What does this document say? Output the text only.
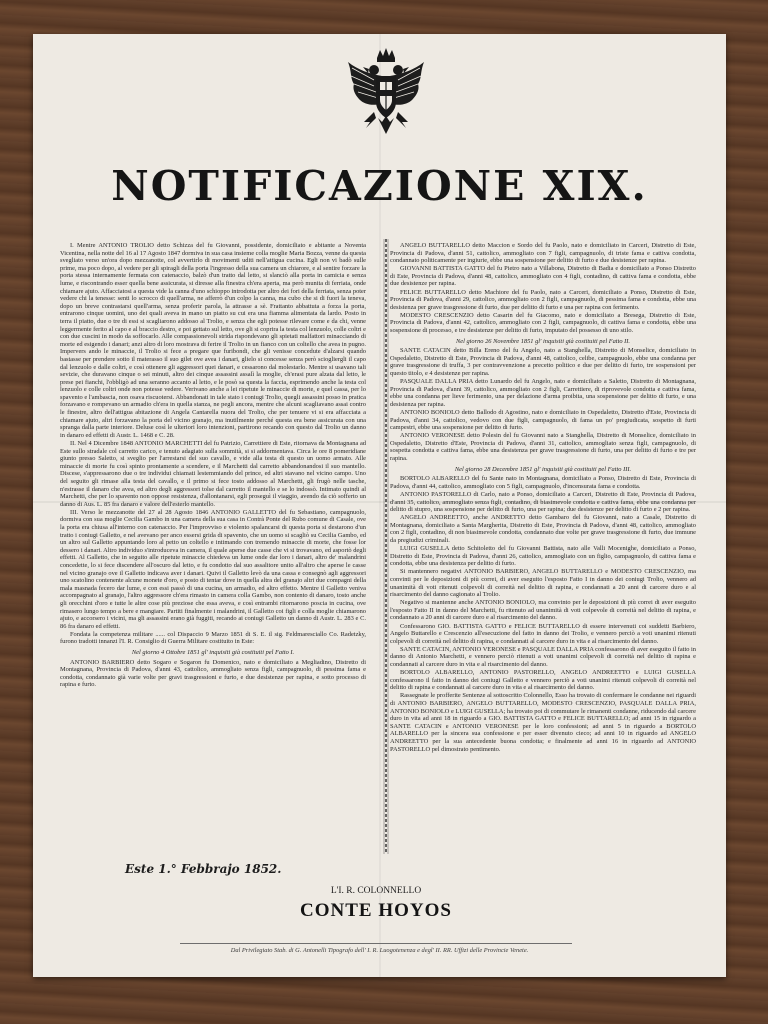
NOTIFICAZIONE XIX.

I. Mentre ANTONIO TROLIO detto Schizza del fu Giovanni, possidente, domiciliato e abitante a Noventa Vicentina, nella notte del 16 al 17 Agosto 1847 dormiva in sua casa insieme colla moglie Maria Bozza, venne da questa svegliato verso un'ora dopo mezzanotte, col avvertirlo di movimenti uditi nell'attigua cucina. Egli non vi badò sulle prime, ma poco dopo, al vedere per gli spiragli della porta l'ingresso della sua camera un chiarore, e al sentire forzare la porta stessa internamente fermata con catenaccio, balzò d'un tratto dal letto, si slanciò alla porta in camicia e senza lume, e riscontrando esser quella bene assicurata, si diresse alla finestra ch'era aperta, ma però munita di ferriata, onde chiamare ajuto. Affacciatosi a questa vide la canna d'uno schioppo introdotta per altro dei fori della ferriata, senza poter vedere chi la tenesse: senti lo scrocco di quell'arma, ne afferrò d'un colpo la canna, ma cubo che si di fuori la teneva, dopo un breve contrastarsi quell'arma, senza proferir parola, la attrasse a sè. Frattanto abbattuta a forza la porta, entrarono cinque uomini, uno dei quali aveva in mano un piatto su cui era una fiamma alimentata da lardo. Posto in terra il piatto, due o tre di essi si scagliarono addosso al Trolio, e senza che egli potesse rilevare come e da chi, venne leggermente ferito al capo e al braccio destro, e poi gettato sul letto, ove gli si coprira la testa col lenzuolo, colle coltri e con due cuscini in modo da soffocarlo. Alle compassionevoli strida rispondevano gli spietati malfattori minacciando di morte ed esigendo i danari; anzi altro di loro mostrava di ferire il Trolio in un fianco con un coltello che avea in pugno. Impervers ando le minaccie, il Trolio si fece a pregare que furibondi, che gli venisse concedute d'alzarsi quando bastasse per prendere sotto il materasso il suo gilet ove avea i danari, glielo si concesse senza però sciogliergli il capo dal lenzuolo e dalle coltri, e così ottenere gli aggressori quei danari, e cessarono dal molestarlo. Mentre si usavano tali sevizie, che duravano cinque o sei minuti, altro dei cinque assassini assalì la moglie, ch'erasi pure alzata dal letto, le prese pei fianchi, l'obbligò ad una seranno accanto al letto, e le posò sa questa la faccia, esprimendo anche la testa col lenzuolo e colle coltri onde non potesse vedere. Verivano anche a lei ripetute le minaccie di morte, e quel cassa, per lo spavento e l'ambascia, non osava riscuotersi. Abbandonati in tale stato i coniugi Trolio, quegli assassini posso in pratica forzavano e rompevano un armadio ch'era in quella stanza, ne pegli ancora, mentre che alcuni scagliavano assai contro le finestre, altro dell'attigua abitazione di Angela Cantarella nuora del Trolio, che per tenuere vi si era affacciata a chiamare ajuto, altri forzavano la porta del vicino granajo, ma inutilmente perché questa era bene assicurata con una spranga dalla parte interiore. Deluse così le ulteriori loro intenzioni, partirono recando con questo dal Trolio un danno in danaro ed effetti di Austr. L. 1468 e C. 28.

II. Nel 4 Dicembre 1848 ANTONIO MARCHETTI del fu Patrizio, Carrettiere di Este, ritornava da Montagnana ad Este sullo stradale col carretto carico, e tenuto adagiato sulla sommità, si si addormentava. Circa le ore 8 pomeridiane giunto presso Saletto, si sveglio per l'arrestarsi del suo cavallo, e vide alla testa di questo un uomo armato. Alle minaccie di morte fu così spinto prontamente a scendere, e il Marchetti dal carretto abbandonandosi il suo mantello. Discese, s'appressarono due o tre individui chiamati lestemmiando del prince, ed altri stavano nel vicino campo. Uno del seguito gli rimase alla testa del cavallo, e il primo si fece tosto addosso al Marchetti, gli frugò nelle tasche, n'estrasse il danaro che avea, ed altro degli aggressori tolse dal carretto il mantello e se lo indossò. Intimato quindi al Marchetti, che per lo spavento non oppose resistenza, d'allontanarsi, egli proseguì il viaggio, avendo da ciò sofferto un danno di Aus. L. 85 fra danaro e valore dell'esterlo mantello.

III. Verso le mezzanotte del 27 al 28 Agosto 1846 ANTONIO GALLETTO del fu Sebastiano, campagnuolo, dormiva con sua moglie Cecilia Gambo in una camera della sua casa in Contrà Ponte del Rubo comune di Casale, ove la porta era chiusa all'interno con catenaccio. Per l'improvviso e violento spalancarsi di questa porta si destarono d'un tratto i coniugi Galletto, e nel avevano per anco essersi grida di spavento, che un uomo si scagliò su Cecilia Gambo, ed un altro sul Galletto appuntando loro al petto un coltello e intimando con tremendo minaccie di morte, che fosse lor dessero i danari. Altro individuo s'introduceva in camera, il quale aperse due casse che vi si trovavano, ed asportò degli effetti. Al Galletto, che in seguito alle ripetute minaccie chiedeva un lume onde dar loro i danari, altro de' malandrini concedette, lo si fece discendere all'oscuro dal letto, e fu condotto dal suo assalitore unito all'altro che aperse le casse nel vicino granajo ove il Galletto indicava aver i danari. Quivi il Galletto levò da una cassa e consegnò agli aggressori uno scatolino contenente alcune monete d'oro, e posto di tentar dove in quella altra del granajo altri due compagni della mala masnada fecero dar lume, e con essi passò di una cucina, un armadio, ed altro effetto. Mentre il Galletto veniva accompagnato al granajo, l'altro aggressore ch'era rimasto in camera colla Gambo, non contento di danaro, tosto anche gli orecchini d'oro e tutte le altre cose più preziose che essa aveva, e così entrambi ritornarono poscia in cucina, ove rimasero lungo tempo a bere e mangiare. Partiti finalmente i malandrini, il Galletto coi figli e colla moglie chiamarono ajuto, e accorsero i vicini, ma gli assassini erano già fuggiti, recando ai coniugi Galletto un danno di Austr. L. 283 e C. 86 fra danaro ed effetti.

Fondata la competenza militare ...... col Dispaccio 9 Marzo 1851 di S. E. il sig. Feldmaresciallo Co. Radetzky, furono tradotti innanzi l'I. R. Consiglio di Guerra Militare costituito in Este:

Nel giorno 4 Ottobre 1851 gl' inquisiti già costituiti pel Fatto I.

ANTONIO BARBIERO detto Sogaro e Sogaron fu Domenico, nato e domiciliato a Megliadino, Distretto di Montagnana, Provincia di Padova, d'anni 43, cattolico, ammogliato senza figli, campagnuolo, di pessima fama e condotta, condannato già varie volte per gravi trasgressioni e furto, e due desistenze per rapina, e sotto processo di rapina e furto.

ANGELO BUTTARELLO detto Maccion e Sordo del fu Paolo, nato e domiciliato in Carceri, Distretto di Este, Provincia di Padova, d'anni 51, cattolico, ammogliato con 7 figli, campagnuolo, di triste fama e cattiva condotta, condannato politicamente per ingiurie, ebbe una sospensione per delitto di furto e due desistenze per rapina.

GIOVANNI BATTISTA GATTO del fu Pietro nato a Villabona, Distretto di Badia e domiciliato a Ponso Distretto di Este, Provincia di Padova, d'anni 48, cattolico, ammogliato con 4 figli, contadino, di cattiva fama e condotta, ebbe due desistenze per rapina.

FELICE BUTTARELLO detto Machiore del fu Paolo, nato a Carceri, domiciliato a Ponso, Distretto di Este, Provincia di Padova, d'anni 29, cattolico, ammogliato con 2 figli, campagnuolo, di pessima fama e condotta, ebbe una desistenza per grave trasgressione di furto, due per delitto di furto e una per rapina con ferimento.

MODESTO CRESCENZIO detto Casarin del fu Giacomo, nato e domiciliato a Bresega, Distretto di Este, Provincia di Padova, d'anni 42, cattolico, ammogliato con 2 figli, campagnuolo, di cattiva fama e condotta, ebbe una sospensione di processo, e tre desistenze per delitto di furto, imputato del possesso di uno stilo.

Nel giorno 26 Novembre 1851 gl' inquisiti già costituiti pel Fatto II.

SANTE CATACIN detto Billa Ereno del fu Angelo, nato a Stanghella, Distretto di Monselice, domiciliato in Ospedaletto, Distretto di Este, Provincia di Padova, d'anni 48, cattolico, celibe, campagnuolo, ebbe una condanna per grave trasgressione di truffa, 3 per contravvenzione a precetto politico e due per delitto di furto, tre sospensioni per questo titolo, e 4 desistenze per rapina.

PASQUALE DALLA PRIA detto Lunardo del fu Angelo, nato e domiciliato a Saletto, Distretto di Montagnana, Provincia di Padova, d'anni 39, cattolico, ammogliato con 2 figli, Carrettiere, di riprovevole condotta e cattiva fama, ebbe una condanna per lieve ferimento, una per delazione d'arma proibita, una sospensione per delitto di furto, e una desistenza per rapina.

ANTONIO BONIOLO detto Ballodo di Agostino, nato e domiciliato in Ospedaletto, Distretto d'Este, Provincia di Padova, d'anni 34, cattolico, vedovo con due figli, campagnuolo, di fama un po' pregiudicata, sospetto di furti campestri, ebbe una sospensione per delitto di furto.

ANTONIO VERONESE detto Polesin del fu Giovanni nato a Stanghella, Distretto di Monselice, domiciliato in Ospedaletto, Distretto d'Este, Provincia di Padova, d'anni 31, cattolico, ammogliato senza figli, campagnuolo, di sospetta condotta e cattiva fama, ebbe una desistenza per grave trasgressione di furto, una per delitto di furto e tre per rapina.

Nel giorno 28 Decembre 1851 gl' inquisiti già costituiti pel Fatto III.

BORTOLO ALBARELLO del fu Sante nato in Montagnana, domiciliato a Ponso, Distretto di Este, Provincia di Padova, d'anni 44, cattolico, ammogliato con 5 figli, campagnuolo, d'incensurata fama e condotta.

ANTONIO PASTORELLO di Carlo, nato a Ponso, domiciliato a Carceri, Distretto di Este, Provincia di Padova, d'anni 35, cattolico, ammogliato senza figli, contadino, di biasimevole condotta e cattiva fama, ebbe una condanna per delitto di stupro, una sospensione per delitto di furto, una per rapina; due desistenze per delitto di furto e 2 per rapina.

ANGELO ANDREETTO, anche ANDRETTO detto Gambaro del fu Giovanni, nato a Casale, Distretto di Montagnana, domiciliato a Santa Margherita, Distretto di Este, Provincia di Padova, d'anni 48, cattolico, ammogliato con 2 figli, contadino, di non biasimevole condotta, condannato due volte per grave trasgressione di furto, due immune da pregiudizi criminali.

LUIGI GUSELLA detto Schitoletto del fu Giovanni Battista, nato alle Valli Mocenighe, domiciliato a Ponso, Distretto di Este, Provincia di Padova, d'anni 26, cattolico, ammogliato con un figlio, campagnuolo, di cattiva fama e condotta, ebbe una desistenza per delitto di furto.

Si mantennero negativi ANTONIO BARBIERO, ANGELO BUTTARELLO e MODESTO CRESCENZIO, ma convinti per le deposizioni di più correi, di aver eseguito l'esposto Fatto I in danno dei coniugi Trolio, vennero ad unanimità di voti ritenuti colpevoli di correità nel delitto di rapina, e condannati a 20 anni di carcere duro e al risarcimento del danno cagionato al Trolio.

Negativo si mantenne anche ANTONIO BONIOLO, ma convinto per le deposizioni di più correi di aver eseguito l'esposto Fatto II in danno del Marchetti, fu ritenuto ad unanimità di voti colpevole di correità nel delitto di rapina, e condannato a 20 anni di carcere duro e al risarcimento del danno.

Confessarono GIO. BATTISTA GATTO e FELICE BUTTARELLO di essere intervenuti coi suddetti Barbiero, Angelo Buttarello e Crescenzio all'esecuzione del fatto in danno dei Trolio, e vennero perciò a voti unanimi ritenuti colpevoli di correità nel delitto di rapina, e condannati al carcere duro in vita e al risarcimento del danno.

SANTE CATACIN, ANTONIO VERONESE e PASQUALE DALLA PRIA confessarono di aver eseguito il fatto in danno di Antonio Marchetti, e vennero perciò ritenuti a voti unanimi colpevoli di correità nel delitto di rapina e condannati al carcere duro in vita e al risarcimento del danno.

BORTOLO ALBARELLO, ANTONIO PASTORELLO, ANGELO ANDREETTO e LUIGI GUSELLA confessarono il fatto in danno dei coniugi Galletto e vennero perciò a voti unanimi ritenuti colpevoli di correità nel delitto di rapina e condannati al carcere duro in vita e al risarcimento del danno.

Rassegnate le profferite Sentenze al sottoscritto Colonnello, Esso ha trovato di confermare le condanne nei riguardi di ANTONIO BARBIERO, ANGELO BUTTARELLO, MODESTO CRESCENZIO, PASQUALE DALLA PRIA, ANTONIO BONIOLO e LUIGI GUSELLA; ha trovato poi di commutare le rimanenti condanne, riducendo dal carcere duro in vita ad anni 18 in riguardo a GIO. BATTISTA GATTO e FELICE BUTTARELLO; ad anni 15 in riguardo a SANTE CATACIN e ANTONIO VERONESE per le loro confessioni; ad anni 5 in riguardo a BORTOLO ALBARELLO per la sincera sua confessione e per esser divenuto cieco; ad anni 10 in riguardo ad ANGELO ANDREETTO per la sua antecedente buona condotta; e finalmente ad anni 16 in riguardo ad ANTONIO PASTORELLO pel dimostrato pentimento.

Este 1.° Febbrajo 1852.
L'I. R. COLONNELLO
CONTE HOYOS
Dal Privilegiato Stab. di G. Antonelli Tipografo dell' I. R. Luogotenenza e degl' II. RR. Uffizi delle Provincie Venete.
